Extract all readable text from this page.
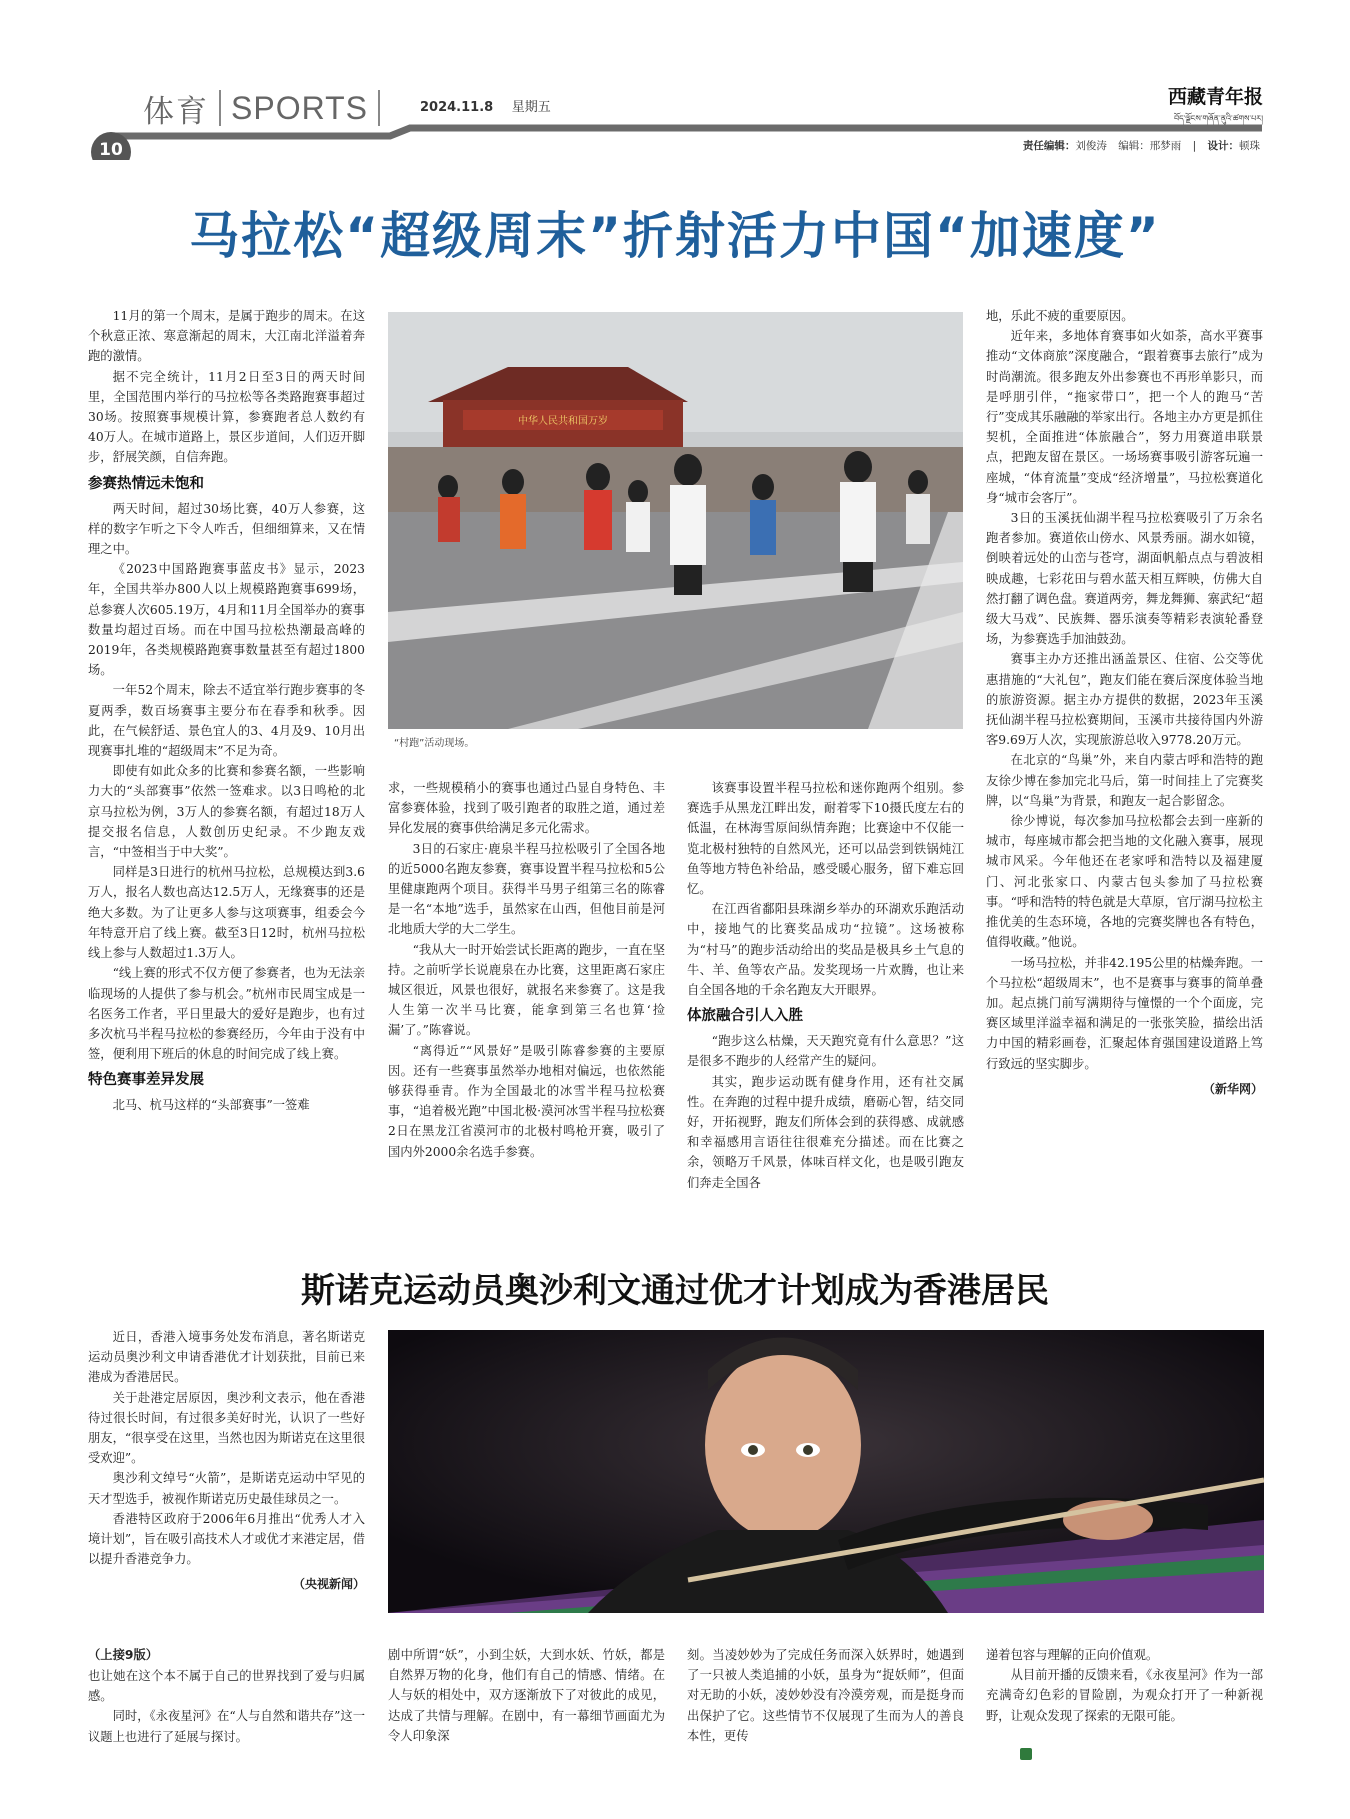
体育 SPORTS	2024.11.8 星期五
10
西藏青年报
བོད་ལྗོངས་གཞོན་ནུའི་ཚགས་པར།
责任编辑：刘俊涛 编辑：邢梦雨 | 设计：顿珠
马拉松“超级周末”折射活力中国“加速度”

11月的第一个周末，是属于跑步的周末。在这个秋意正浓、寒意渐起的周末，大江南北洋溢着奔跑的激情。

据不完全统计，11月2日至3日的两天时间里，全国范围内举行的马拉松等各类路跑赛事超过30场。按照赛事规模计算，参赛跑者总人数约有40万人。在城市道路上，景区步道间，人们迈开脚步，舒展笑颜，自信奔跑。

参赛热情远未饱和

两天时间，超过30场比赛，40万人参赛，这样的数字乍听之下令人咋舌，但细细算来，又在情理之中。

《2023中国路跑赛事蓝皮书》显示，2023年，全国共举办800人以上规模路跑赛事699场，总参赛人次605.19万，4月和11月全国举办的赛事数量均超过百场。而在中国马拉松热潮最高峰的2019年，各类规模路跑赛事数量甚至有超过1800场。

一年52个周末，除去不适宜举行跑步赛事的冬夏两季，数百场赛事主要分布在春季和秋季。因此，在气候舒适、景色宜人的3、4月及9、10月出现赛事扎堆的“超级周末”不足为奇。

即使有如此众多的比赛和参赛名额，一些影响力大的“头部赛事”依然一签难求。以3日鸣枪的北京马拉松为例，3万人的参赛名额，有超过18万人提交报名信息，人数创历史纪录。不少跑友戏言，“中签相当于中大奖”。

同样是3日进行的杭州马拉松，总规模达到3.6万人，报名人数也高达12.5万人，无缘赛事的还是绝大多数。为了让更多人参与这项赛事，组委会今年特意开启了线上赛。截至3日12时，杭州马拉松线上参与人数超过1.3万人。

“线上赛的形式不仅方便了参赛者，也为无法亲临现场的人提供了参与机会。”杭州市民周宝成是一名医务工作者，平日里最大的爱好是跑步，也有过多次杭马半程马拉松的参赛经历，今年由于没有中签，便利用下班后的休息的时间完成了线上赛。

特色赛事差异发展

北马、杭马这样的“头部赛事”一签难

中华人民共和国万岁
“村跑”活动现场。

求，一些规模稍小的赛事也通过凸显自身特色、丰富参赛体验，找到了吸引跑者的取胜之道，通过差异化发展的赛事供给满足多元化需求。

3日的石家庄·鹿泉半程马拉松吸引了全国各地的近5000名跑友参赛，赛事设置半程马拉松和5公里健康跑两个项目。获得半马男子组第三名的陈睿是一名“本地”选手，虽然家在山西，但他目前是河北地质大学的大二学生。

“我从大一时开始尝试长距离的跑步，一直在坚持。之前听学长说鹿泉在办比赛，这里距离石家庄城区很近，风景也很好，就报名来参赛了。这是我人生第一次半马比赛，能拿到第三名也算‘捡漏’了。”陈睿说。

“离得近”“风景好”是吸引陈睿参赛的主要原因。还有一些赛事虽然举办地相对偏远，也依然能够获得垂青。作为全国最北的冰雪半程马拉松赛事，“追着极光跑”中国北极·漠河冰雪半程马拉松赛2日在黑龙江省漠河市的北极村鸣枪开赛，吸引了国内外2000余名选手参赛。

该赛事设置半程马拉松和迷你跑两个组别。参赛选手从黑龙江畔出发，耐着零下10摄氏度左右的低温，在林海雪原间纵情奔跑；比赛途中不仅能一览北极村独特的自然风光，还可以品尝到铁锅炖江鱼等地方特色补给品，感受暖心服务，留下难忘回忆。

在江西省鄱阳县珠湖乡举办的环湖欢乐跑活动中，接地气的比赛奖品成功“拉镜”。这场被称为“村马”的跑步活动给出的奖品是极具乡土气息的牛、羊、鱼等农产品。发奖现场一片欢腾，也让来自全国各地的千余名跑友大开眼界。

体旅融合引人入胜

“跑步这么枯燥，天天跑究竟有什么意思？”这是很多不跑步的人经常产生的疑问。

其实，跑步运动既有健身作用，还有社交属性。在奔跑的过程中提升成绩，磨砺心智，结交同好，开拓视野，跑友们所体会到的获得感、成就感和幸福感用言语往往很难充分描述。而在比赛之余，领略万千风景，体味百样文化，也是吸引跑友们奔走全国各

地，乐此不疲的重要原因。

近年来，多地体育赛事如火如荼，高水平赛事推动“文体商旅”深度融合，“跟着赛事去旅行”成为时尚潮流。很多跑友外出参赛也不再形单影只，而是呼朋引伴，“拖家带口”，把一个人的跑马“苦行”变成其乐融融的举家出行。各地主办方更是抓住契机，全面推进“体旅融合”，努力用赛道串联景点，把跑友留在景区。一场场赛事吸引游客玩遍一座城，“体育流量”变成“经济增量”，马拉松赛道化身“城市会客厅”。

3日的玉溪抚仙湖半程马拉松赛吸引了万余名跑者参加。赛道依山傍水、风景秀丽。湖水如镜，倒映着远处的山峦与苍穹，湖面帆船点点与碧波相映成趣，七彩花田与碧水蓝天相互辉映，仿佛大自然打翻了调色盘。赛道两旁，舞龙舞狮、寨武纪“超级大马戏”、民族舞、器乐演奏等精彩表演轮番登场，为参赛选手加油鼓劲。

赛事主办方还推出涵盖景区、住宿、公交等优惠措施的“大礼包”，跑友们能在赛后深度体验当地的旅游资源。据主办方提供的数据，2023年玉溪抚仙湖半程马拉松赛期间，玉溪市共接待国内外游客9.69万人次，实现旅游总收入9778.20万元。

在北京的“鸟巢”外，来自内蒙古呼和浩特的跑友徐少博在参加完北马后，第一时间挂上了完赛奖牌，以“鸟巢”为背景，和跑友一起合影留念。

徐少博说，每次参加马拉松都会去到一座新的城市，每座城市都会把当地的文化融入赛事，展现城市风采。今年他还在老家呼和浩特以及福建厦门、河北张家口、内蒙古包头参加了马拉松赛事。“呼和浩特的特色就是大草原，官厅湖马拉松主推优美的生态环境，各地的完赛奖牌也各有特色，值得收藏。”他说。

一场马拉松，并非42.195公里的枯燥奔跑。一个马拉松“超级周末”，也不是赛事与赛事的简单叠加。起点挑门前写满期待与憧憬的一个个面庞，完赛区域里洋溢幸福和满足的一张张笑脸，描绘出活力中国的精彩画卷，汇聚起体育强国建设道路上笃行致远的坚实脚步。

（新华网）
斯诺克运动员奥沙利文通过优才计划成为香港居民

近日，香港入境事务处发布消息，著名斯诺克运动员奥沙利文申请香港优才计划获批，目前已来港成为香港居民。

关于赴港定居原因，奥沙利文表示，他在香港待过很长时间，有过很多美好时光，认识了一些好朋友，“很享受在这里，当然也因为斯诺克在这里很受欢迎”。

奥沙利文绰号“火箭”，是斯诺克运动中罕见的天才型选手，被视作斯诺克历史最佳球员之一。

香港特区政府于2006年6月推出“优秀人才入境计划”，旨在吸引高技术人才或优才来港定居，借以提升香港竞争力。

（央视新闻）
（上接9版）

也让她在这个本不属于自己的世界找到了爱与归属感。

同时，《永夜星河》在“人与自然和谐共存”这一议题上也进行了延展与探讨。

剧中所谓“妖”，小到尘妖，大到水妖、竹妖，都是自然界万物的化身，他们有自己的情感、情绪。在人与妖的相处中，双方逐渐放下了对彼此的成见，达成了共情与理解。在剧中，有一幕细节画面尤为令人印象深

刻。当凌妙妙为了完成任务而深入妖界时，她遇到了一只被人类追捕的小妖，虽身为“捉妖师”，但面对无助的小妖，凌妙妙没有冷漠旁观，而是挺身而出保护了它。这些情节不仅展现了生而为人的善良本性，更传

递着包容与理解的正向价值观。

从目前开播的反馈来看，《永夜星河》作为一部充满奇幻色彩的冒险剧，为观众打开了一种新视野，让观众发现了探索的无限可能。
